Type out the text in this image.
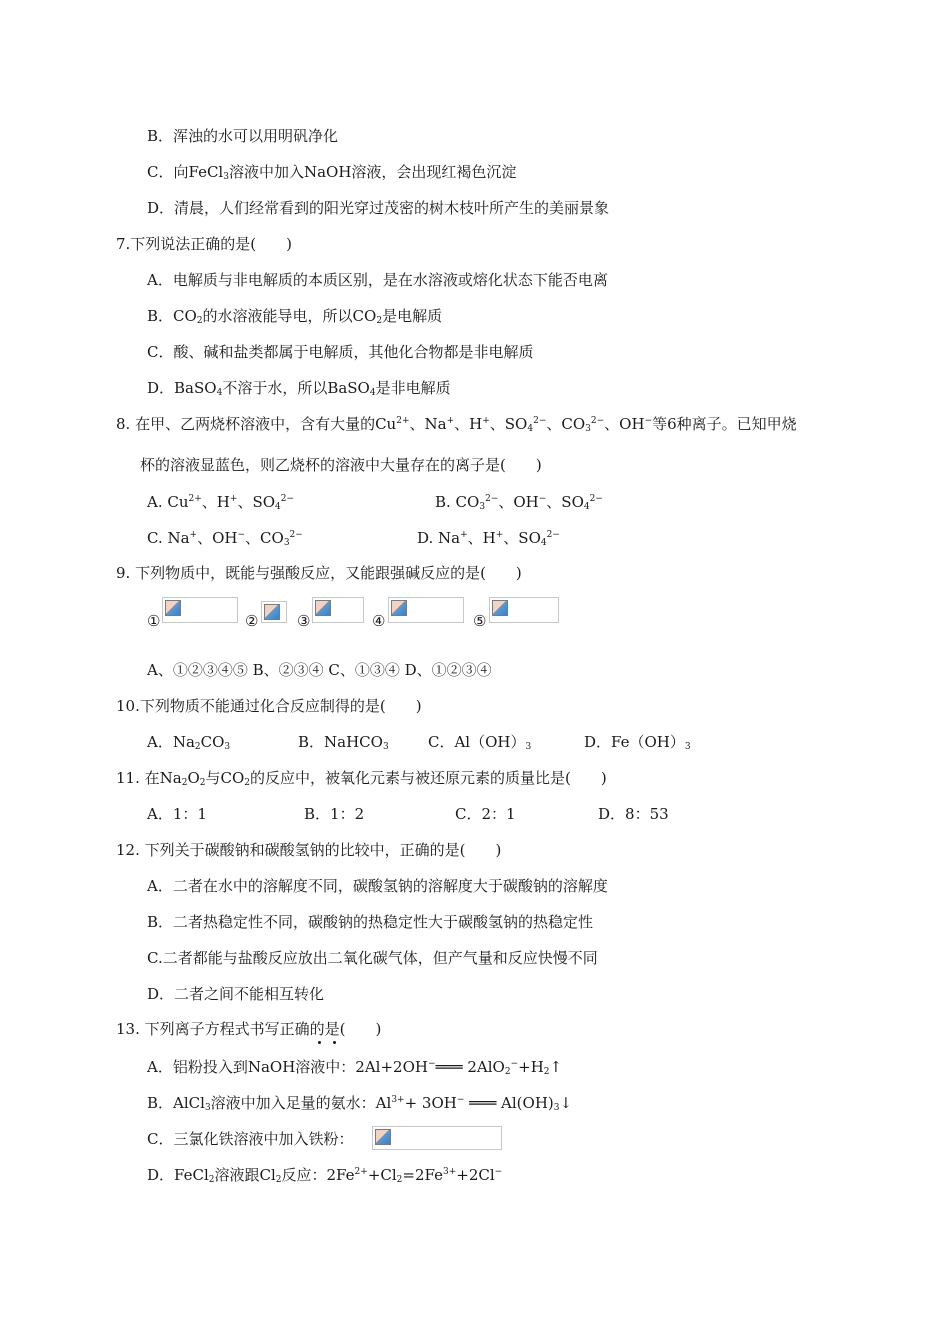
B．浑浊的水可以用明矾净化
C．向FeCl$_3$溶液中加入NaOH溶液，会出现红褐色沉淀
D．清晨，人们经常看到的阳光穿过茂密的树木枝叶所产生的美丽景象
7.下列说法正确的是(　　)
A．电解质与非电解质的本质区别，是在水溶液或熔化状态下能否电离
B．$CO_2$的水溶液能导电，所以$CO_2$是电解质
C．酸、碱和盐类都属于电解质，其他化合物都是非电解质
D．BaSO$_4$不溶于水，所以BaSO$_4$是非电解质
8. 在甲、乙两烧杯溶液中，含有大量的$Cu^{2+}$、Na+、H+、$SO_4^{2-}$、$CO_3^{2-}$、OH−等6种离子。已知甲烧
杯的溶液显蓝色，则乙烧杯的溶液中大量存在的离子是(　　)
A. $Cu^{2+}$、H+、$SO_4^{2-}$	B. $CO_3^{2-}$、OH−、$SO_4^{2-}$
C. Na+、OH−、$CO_3^{2-}$	D. Na+、H+、$SO_4^{2-}$
9. 下列物质中，既能与强酸反应，又能跟强碱反应的是(　　)
①	②	③	④	⑤
A、①②③④⑤ B、②③④ C、①③④ D、①②③④
10.下列物质不能通过化合反应制得的是(　　)
A．$Na_2CO_3$	B．NaHCO$_3$	C．$Al(OH)_3$	D．$Fe(OH)_3$
11. 在$Na_2O_2$与$CO_2$的反应中，被氧化元素与被还原元素的质量比是(　　)
A．1：1	B．1：2	C．2：1	D．8：53
12. 下列关于碳酸钠和碳酸氢钠的比较中，正确的是(　　)
A．二者在水中的溶解度不同，碳酸氢钠的溶解度大于碳酸钠的溶解度
B．二者热稳定性不同，碳酸钠的热稳定性大于碳酸氢钠的热稳定性
C.二者都能与盐酸反应放出二氧化碳气体，但产气量和反应快慢不同
D．二者之间不能相互转化
13. 下列离子方程式书写正确的是(　　)
A．铝粉投入到NaOH溶液中：2Al+2OH−═══ $2AlO_2^-+H_2↑$
B．AlCl$_3$溶液中加入足量的氨水：$Al^{3+}+ 3OH^-$ ═══ $Al(OH)_3↓$
C．三氯化铁溶液中加入铁粉：
D．FeCl$_2$溶液跟$Cl_2$反应：$2Fe^{2+}+Cl_2=2Fe^{3+}+2Cl^-$
